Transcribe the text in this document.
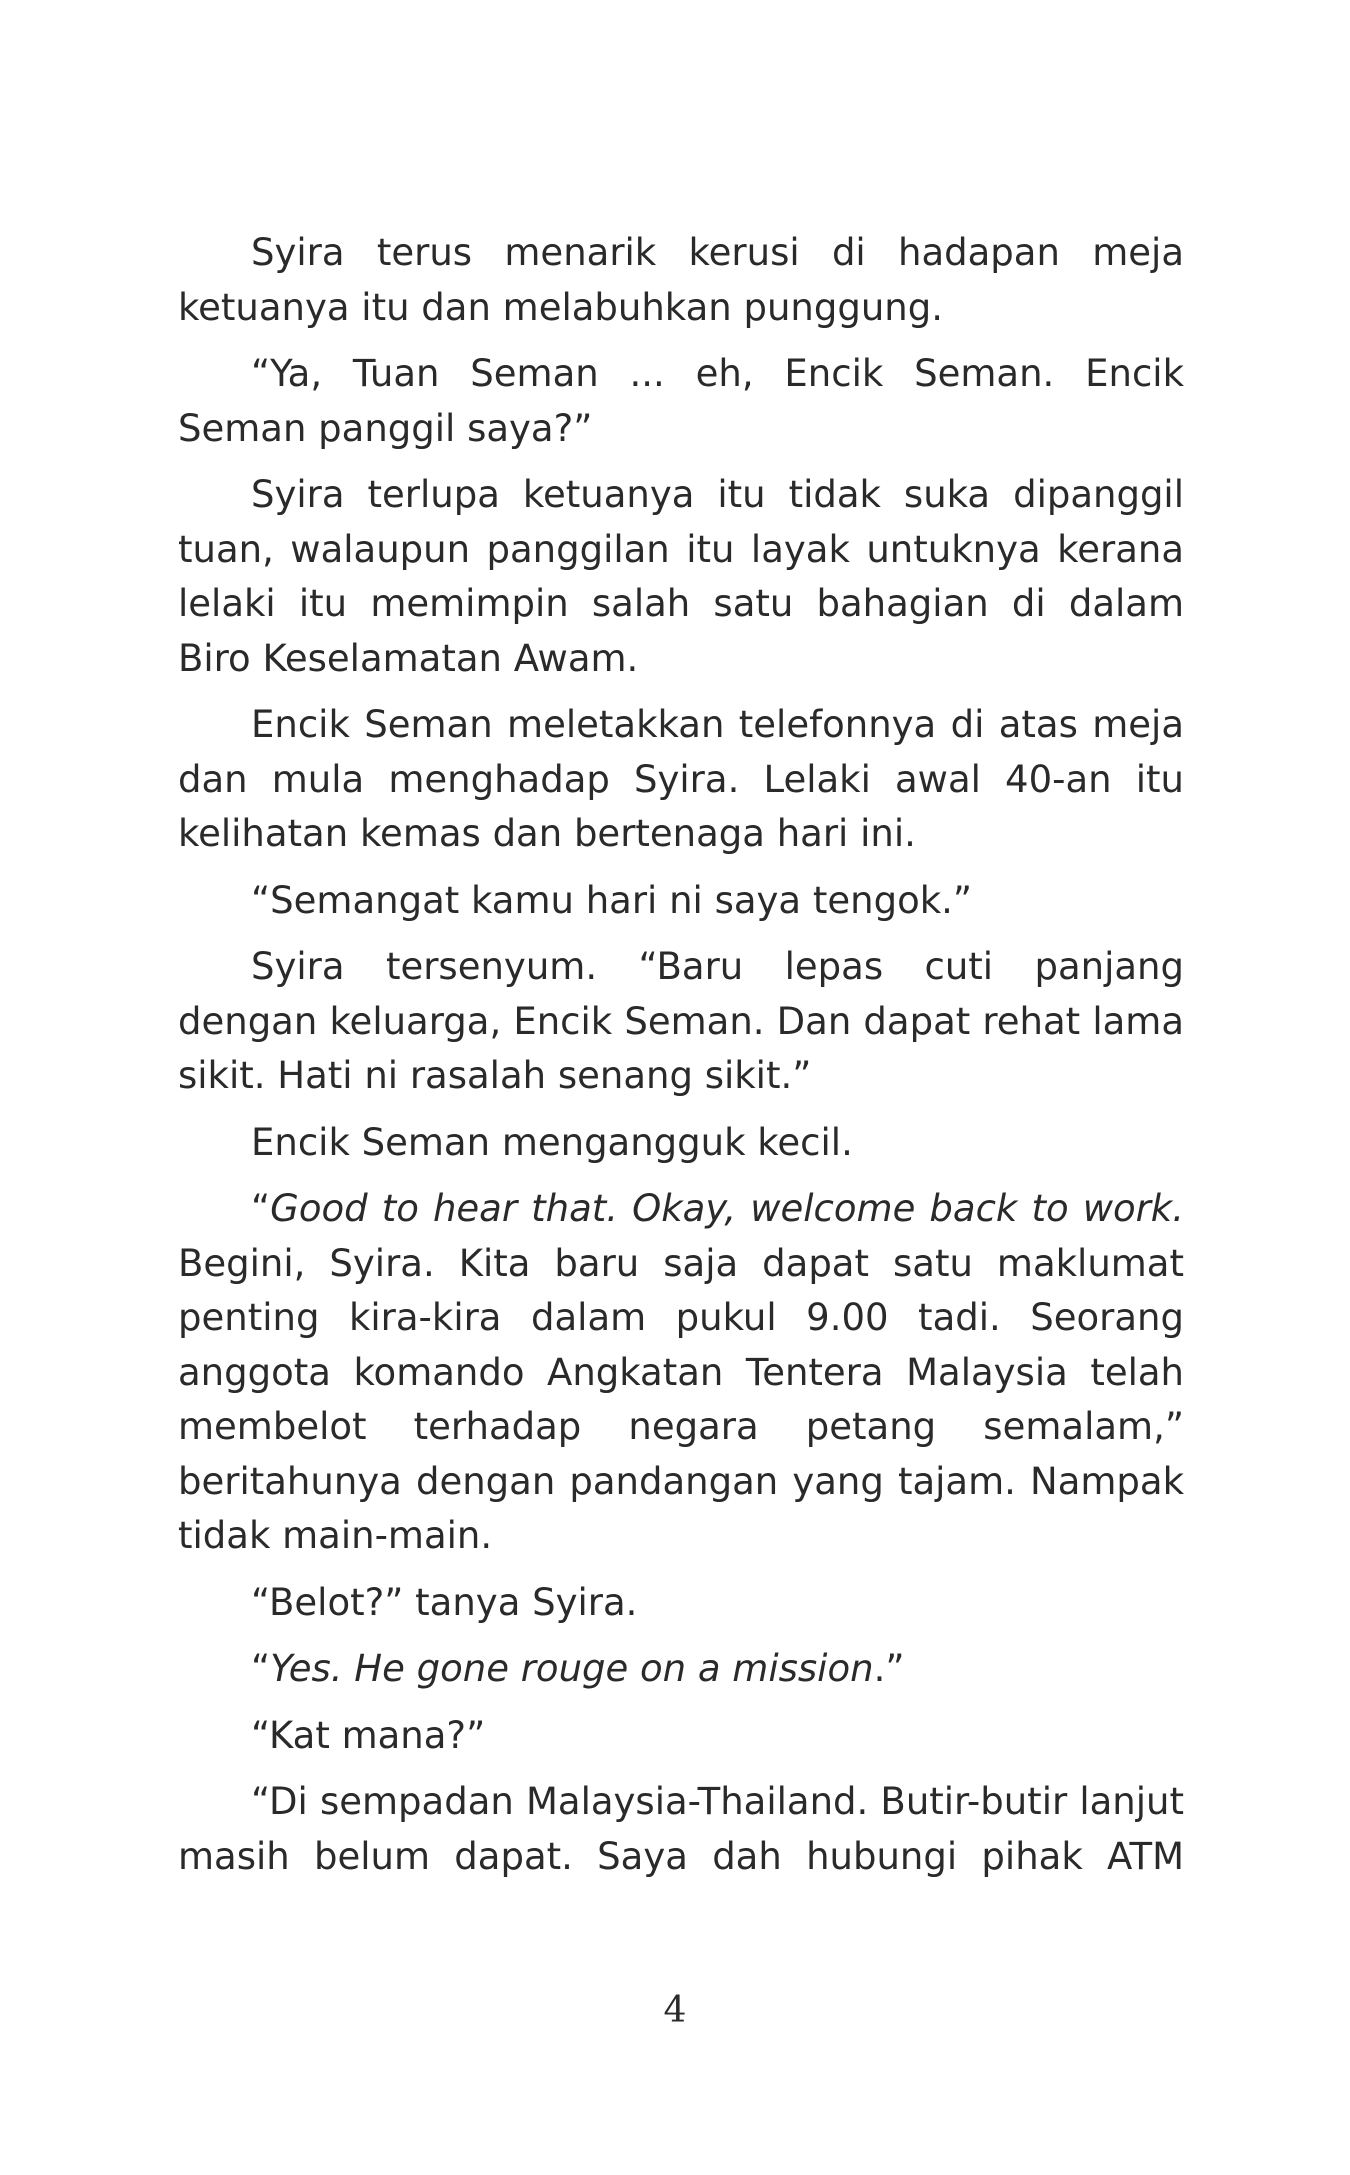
Syira terus menarik kerusi di hadapan meja ketuanya itu dan melabuhkan punggung.

“Ya, Tuan Seman ... eh, Encik Seman. Encik Seman panggil saya?”

Syira terlupa ketuanya itu tidak suka dipanggil tuan, walaupun panggilan itu layak untuknya kerana lelaki itu memimpin salah satu bahagian di dalam Biro Keselamatan Awam.

Encik Seman meletakkan telefonnya di atas meja dan mula menghadap Syira. Lelaki awal 40-an itu kelihatan kemas dan bertenaga hari ini.

“Semangat kamu hari ni saya tengok.”

Syira tersenyum. “Baru lepas cuti panjang dengan keluarga, Encik Seman. Dan dapat rehat lama sikit. Hati ni rasalah senang sikit.”

Encik Seman mengangguk kecil.

“Good to hear that. Okay, welcome back to work. Begini, Syira. Kita baru saja dapat satu maklumat penting kira-kira dalam pukul 9.00 tadi. Seorang anggota komando Angkatan Tentera Malaysia telah membelot terhadap negara petang semalam,” beritahunya dengan pandangan yang tajam. Nampak tidak main-main.

“Belot?” tanya Syira.

“Yes. He gone rouge on a mission.”

“Kat mana?”

“Di sempadan Malaysia-Thailand. Butir-butir lanjut masih belum dapat. Saya dah hubungi pihak ATM

4
